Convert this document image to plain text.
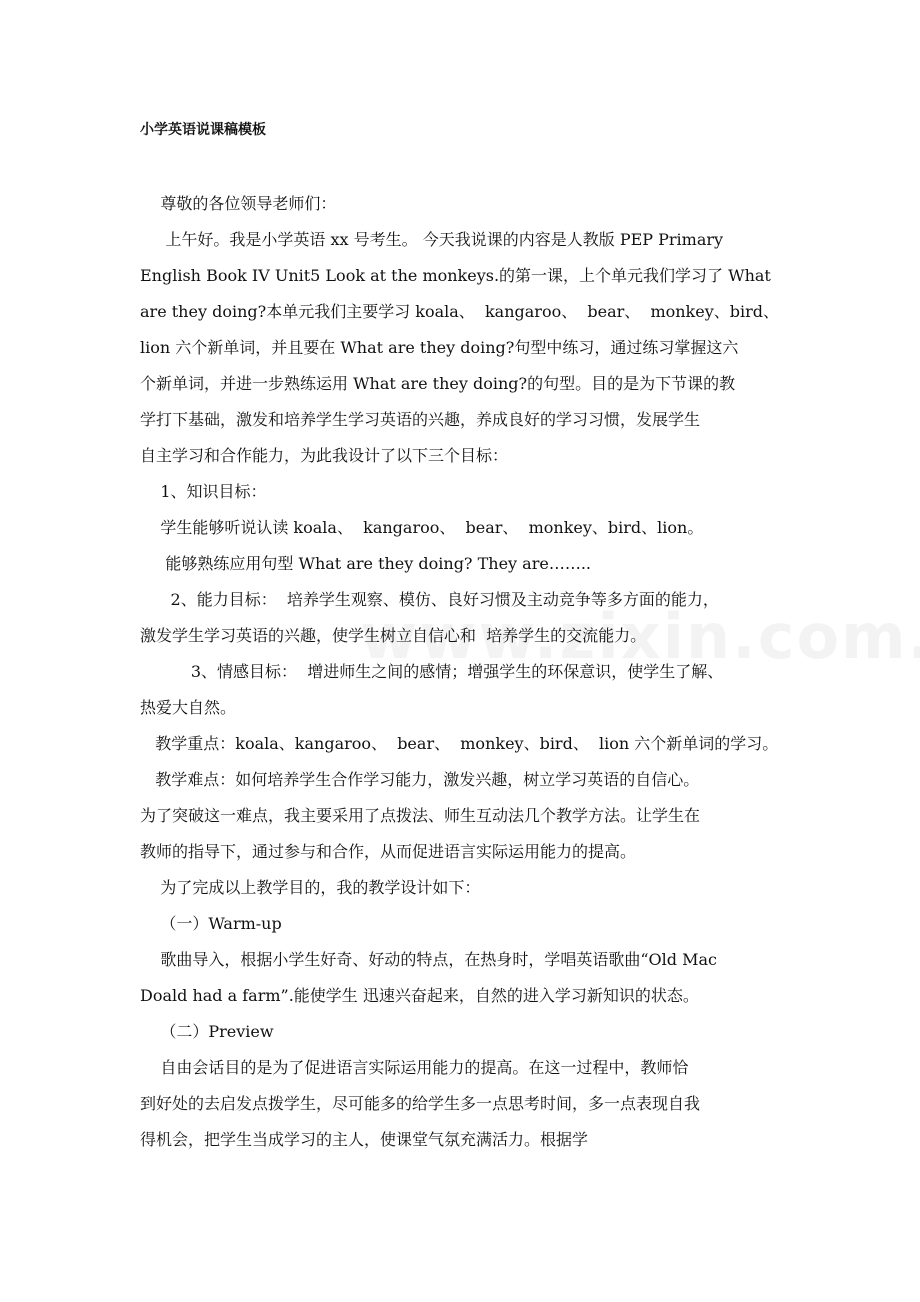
小学英语说课稿模板

尊敬的各位领导老师们：

上午好。我是小学英语 xx 号考生。 今天我说课的内容是人教版 PEP Primary

English Book IV Unit5 Look at the monkeys.的第一课，上个单元我们学习了 What

are they doing?本单元我们主要学习 koala、  kangaroo、  bear、  monkey、bird、

lion 六个新单词，并且要在 What are they doing?句型中练习，通过练习掌握这六

个新单词，并进一步熟练运用 What are they doing?的句型。目的是为下节课的教

学打下基础，激发和培养学生学习英语的兴趣，养成良好的学习习惯，发展学生

自主学习和合作能力，为此我设计了以下三个目标：

1、知识目标：

学生能够听说认读 koala、  kangaroo、  bear、  monkey、bird、lion。

能够熟练应用句型 What are they doing? They are……..

2、能力目标：  培养学生观察、模仿、良好习惯及主动竞争等多方面的能力，

激发学生学习英语的兴趣，使学生树立自信心和  培养学生的交流能力。

3、情感目标：  增进师生之间的感情；增强学生的环保意识，使学生了解、

热爱大自然。

教学重点：koala、kangaroo、  bear、  monkey、bird、  lion 六个新单词的学习。

教学难点：如何培养学生合作学习能力，激发兴趣，树立学习英语的自信心。

为了突破这一难点，我主要采用了点拨法、师生互动法几个教学方法。让学生在

教师的指导下，通过参与和合作，从而促进语言实际运用能力的提高。

为了完成以上教学目的，我的教学设计如下：

（一）Warm-up

歌曲导入，根据小学生好奇、好动的特点，在热身时，学唱英语歌曲“Old Mac

Doald had a farm”.能使学生 迅速兴奋起来，自然的进入学习新知识的状态。

（二）Preview

自由会话目的是为了促进语言实际运用能力的提高。在这一过程中，教师恰

到好处的去启发点拨学生，尽可能多的给学生多一点思考时间，多一点表现自我

得机会，把学生当成学习的主人，使课堂气氛充满活力。根据学
